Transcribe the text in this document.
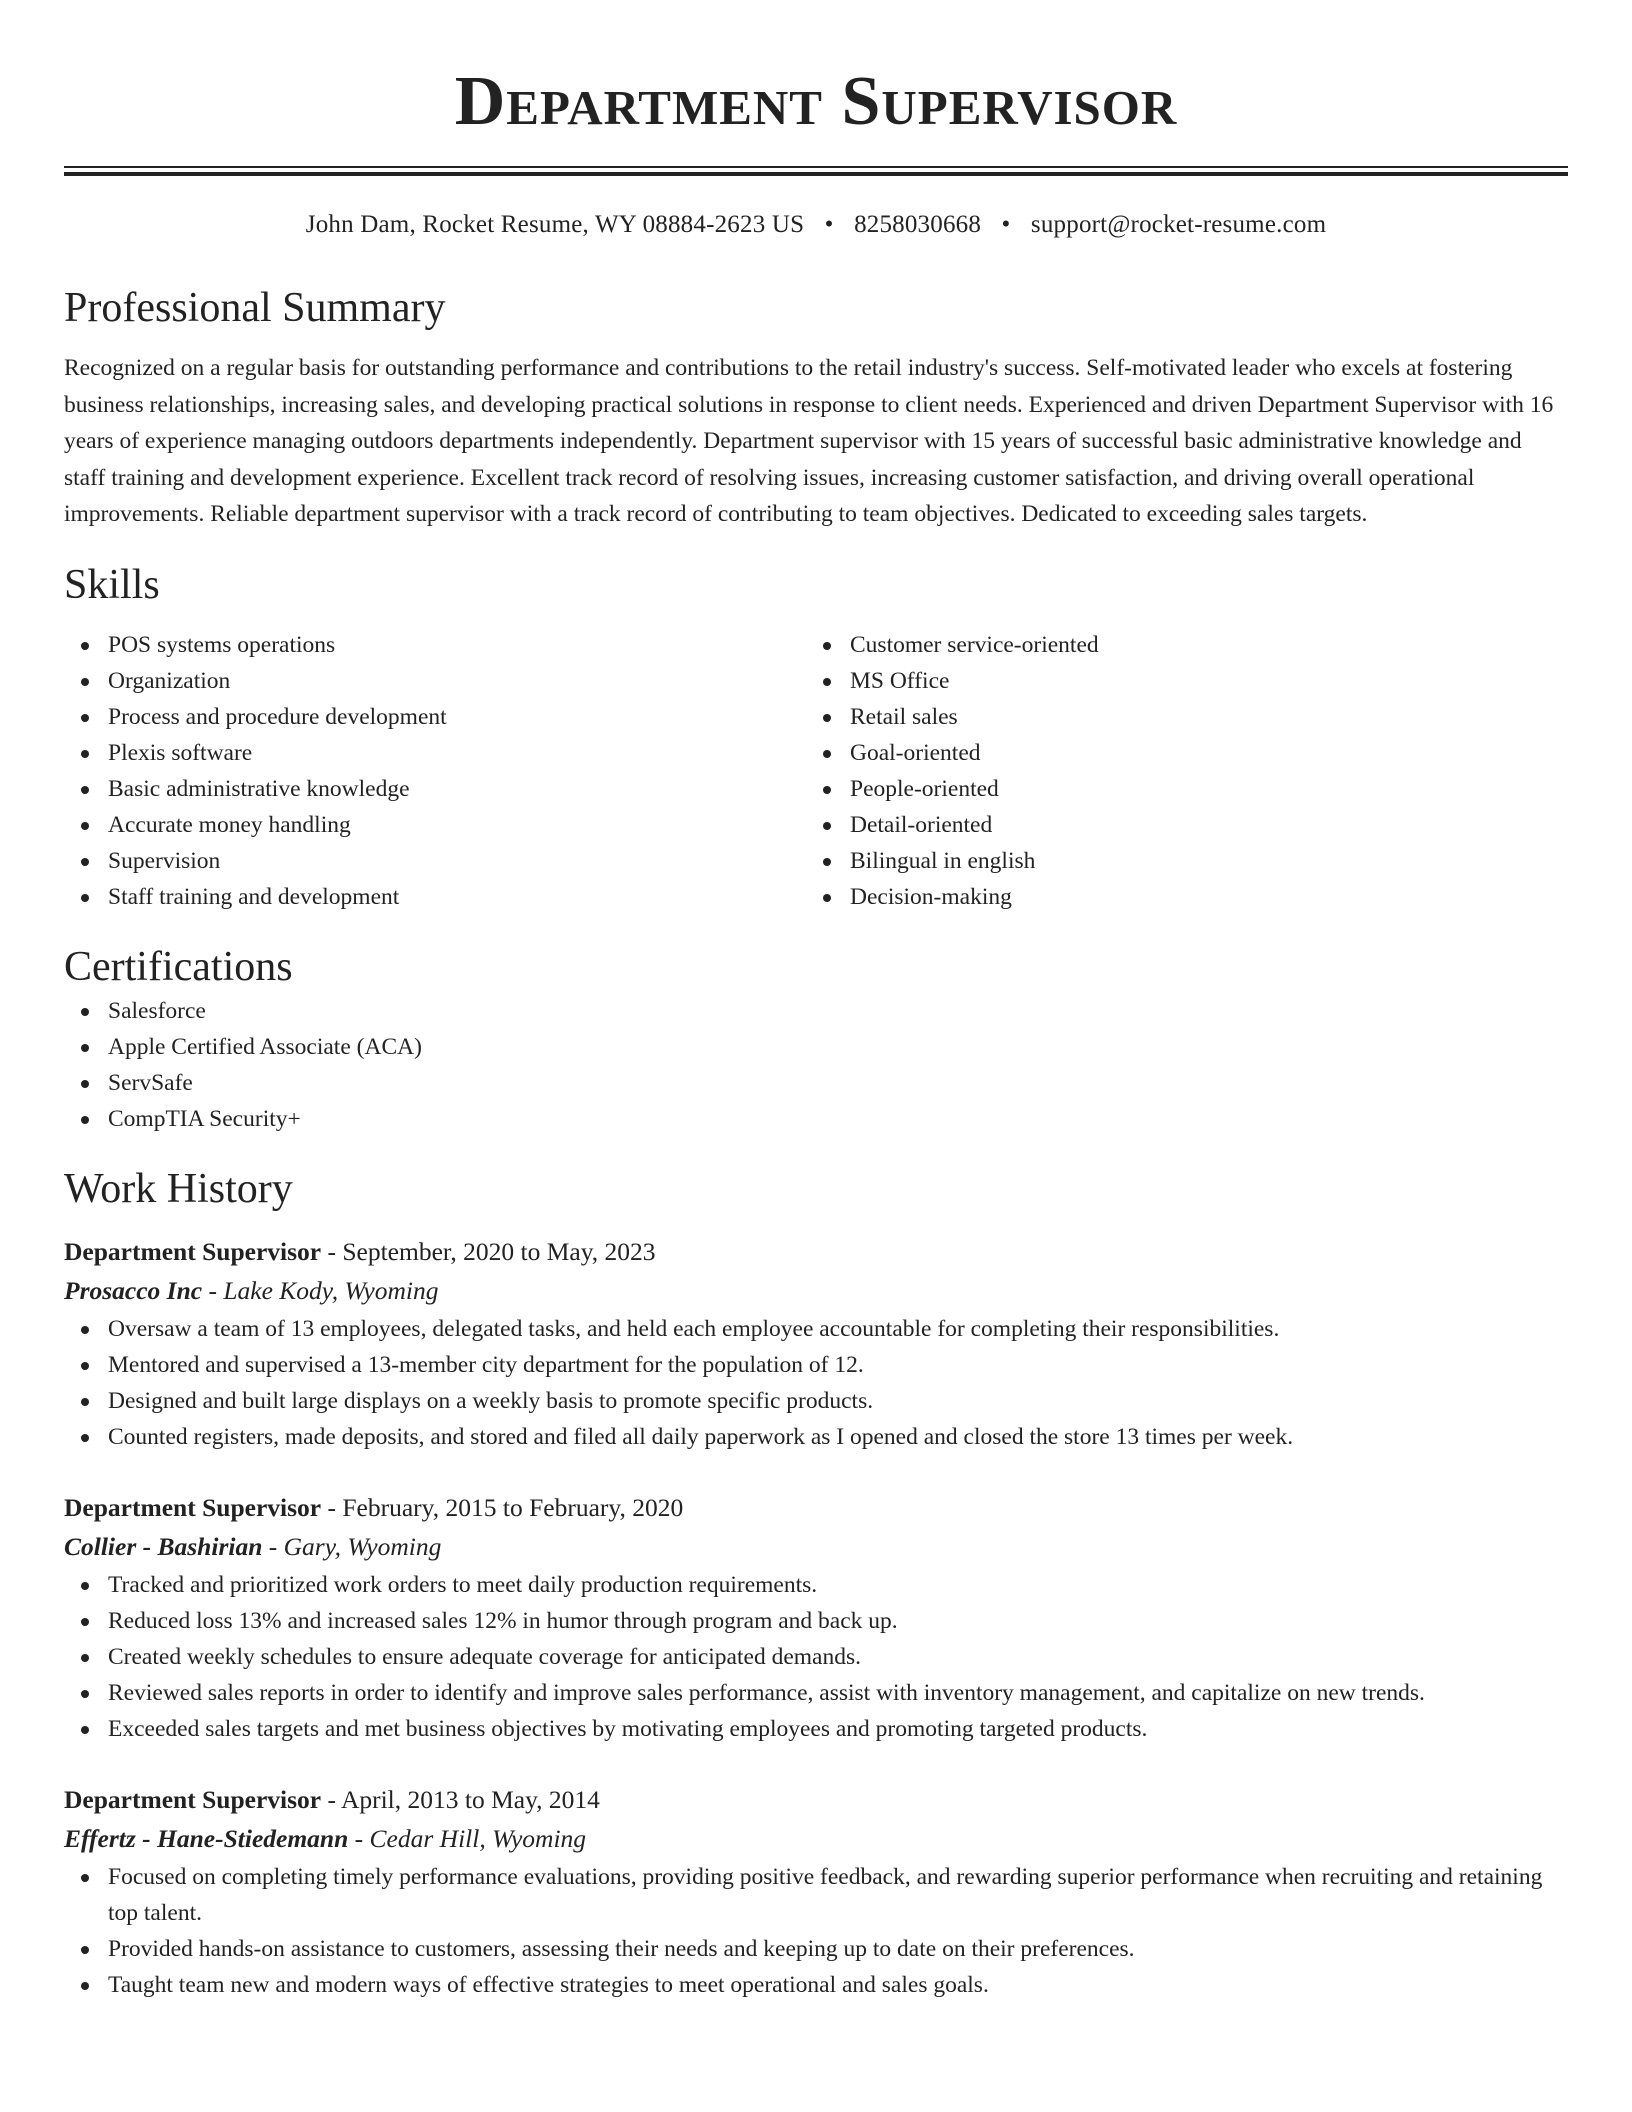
Department Supervisor
John Dam, Rocket Resume, WY 08884-2623 US • 8258030668 • support@rocket-resume.com
Professional Summary

Recognized on a regular basis for outstanding performance and contributions to the retail industry's success. Self-motivated leader who excels at fostering business relationships, increasing sales, and developing practical solutions in response to client needs. Experienced and driven Department Supervisor with 16 years of experience managing outdoors departments independently. Department supervisor with 15 years of successful basic administrative knowledge and staff training and development experience. Excellent track record of resolving issues, increasing customer satisfaction, and driving overall operational improvements. Reliable department supervisor with a track record of contributing to team objectives. Dedicated to exceeding sales targets.

Skills
POS systems operations
Organization
Process and procedure development
Plexis software
Basic administrative knowledge
Accurate money handling
Supervision
Staff training and development
Customer service-oriented
MS Office
Retail sales
Goal-oriented
People-oriented
Detail-oriented
Bilingual in english
Decision-making
Certifications
Salesforce
Apple Certified Associate (ACA)
ServSafe
CompTIA Security+
Work History
Department Supervisor - September, 2020 to May, 2023
Prosacco Inc - Lake Kody, Wyoming
Oversaw a team of 13 employees, delegated tasks, and held each employee accountable for completing their responsibilities.
Mentored and supervised a 13-member city department for the population of 12.
Designed and built large displays on a weekly basis to promote specific products.
Counted registers, made deposits, and stored and filed all daily paperwork as I opened and closed the store 13 times per week.
Department Supervisor - February, 2015 to February, 2020
Collier - Bashirian - Gary, Wyoming
Tracked and prioritized work orders to meet daily production requirements.
Reduced loss 13% and increased sales 12% in humor through program and back up.
Created weekly schedules to ensure adequate coverage for anticipated demands.
Reviewed sales reports in order to identify and improve sales performance, assist with inventory management, and capitalize on new trends.
Exceeded sales targets and met business objectives by motivating employees and promoting targeted products.
Department Supervisor - April, 2013 to May, 2014
Effertz - Hane-Stiedemann - Cedar Hill, Wyoming
Focused on completing timely performance evaluations, providing positive feedback, and rewarding superior performance when recruiting and retaining top talent.
Provided hands-on assistance to customers, assessing their needs and keeping up to date on their preferences.
Taught team new and modern ways of effective strategies to meet operational and sales goals.
